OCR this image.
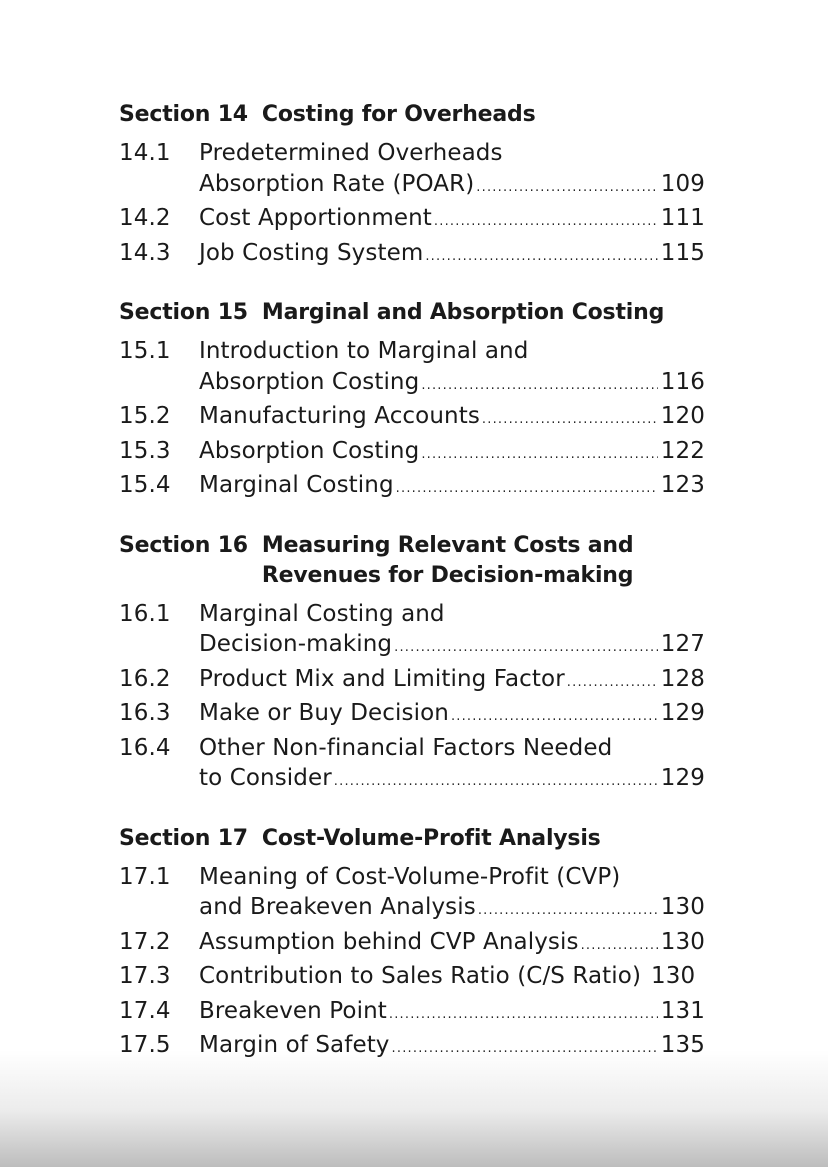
Section 14 Costing for Overheads
14.1	Predetermined Overheads
Absorption Rate (POAR) .....	109
14.2	Cost Apportionment .....	111
14.3	Job Costing System .....	115
Section 15 Marginal and Absorption Costing
15.1	Introduction to Marginal and
Absorption Costing .....	116
15.2	Manufacturing Accounts .....	120
15.3	Absorption Costing .....	122
15.4	Marginal Costing .....	123
Section 16 Measuring Relevant Costs and Revenues for Decision-making
16.1	Marginal Costing and
Decision-making .....	127
16.2	Product Mix and Limiting Factor .....	128
16.3	Make or Buy Decision .....	129
16.4	Other Non-financial Factors Needed
to Consider .....	129
Section 17 Cost-Volume-Profit Analysis
17.1	Meaning of Cost-Volume-Profit (CVP)
and Breakeven Analysis .....	130
17.2	Assumption behind CVP Analysis .....	130
17.3	Contribution to Sales Ratio (C/S Ratio) 130
17.4	Breakeven Point .....	131
17.5	Margin of Safety .....	135
